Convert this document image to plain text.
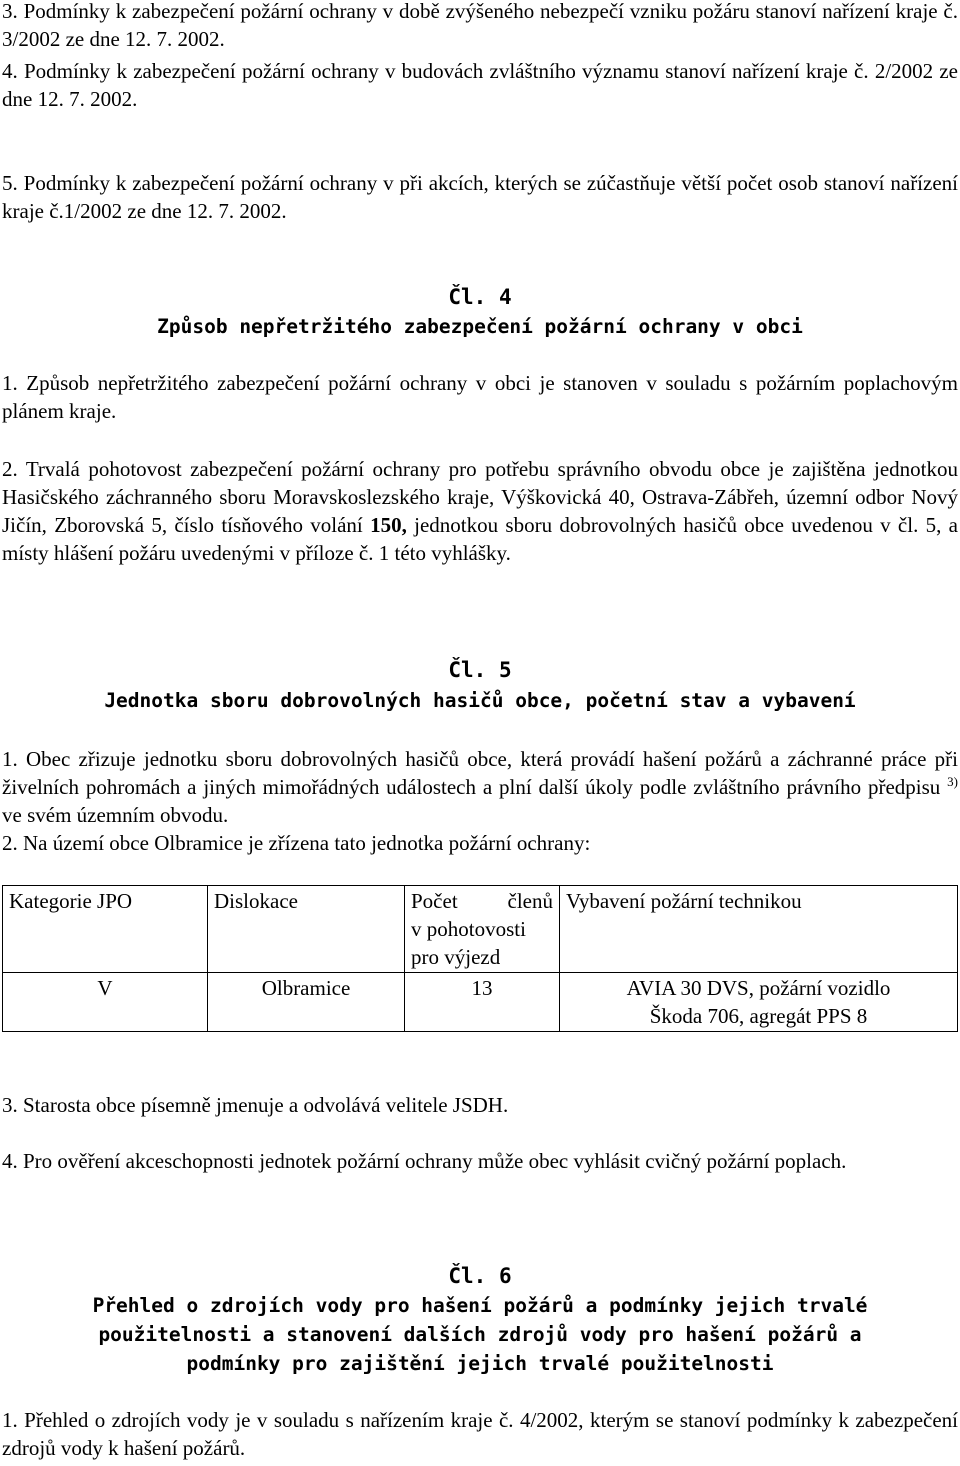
3. Podmínky k zabezpečení požární ochrany v době zvýšeného nebezpečí vzniku požáru stanoví nařízení kraje č. 3/2002 ze dne 12. 7. 2002.

4. Podmínky k zabezpečení požární ochrany v budovách zvláštního významu stanoví nařízení kraje č. 2/2002 ze dne 12. 7. 2002.

5. Podmínky k zabezpečení požární ochrany v při akcích, kterých se zúčastňuje větší počet osob stanoví nařízení kraje č.1/2002 ze dne 12. 7. 2002.

Čl. 4
Způsob nepřetržitého zabezpečení požární ochrany v obci

1. Způsob nepřetržitého zabezpečení požární ochrany v obci je stanoven v souladu s požárním poplachovým plánem kraje.

2. Trvalá pohotovost zabezpečení požární ochrany pro potřebu správního obvodu obce je zajištěna jednotkou Hasičského záchranného sboru Moravskoslezského kraje, Výškovická 40, Ostrava-Zábřeh, územní odbor Nový Jičín, Zborovská 5, číslo tísňového volání 150, jednotkou sboru dobrovolných hasičů obce uvedenou v čl. 5, a místy hlášení požáru uvedenými v příloze č. 1 této vyhlášky.

Čl. 5
Jednotka sboru dobrovolných hasičů obce, početní stav a vybavení

1. Obec zřizuje jednotku sboru dobrovolných hasičů obce, která provádí hašení požárů a záchranné práce při živelních pohromách a jiných mimořádných událostech a plní další úkoly podle zvláštního právního předpisu $^{3)}$ ve svém územním obvodu.

2. Na území obce Olbramice je zřízena tato jednotka požární ochrany:

Kategorie JPO	Dislokace	Počet členů
v pohotovosti
pro výjezd	Vybavení požární technikou
V	Olbramice	13	AVIA 30 DVS, požární vozidlo
Škoda 706, agregát PPS 8

3. Starosta obce písemně jmenuje a odvolává velitele JSDH.

4. Pro ověření akceschopnosti jednotek požární ochrany může obec vyhlásit cvičný požární poplach.

Čl. 6
Přehled o zdrojích vody pro hašení požárů a podmínky jejich trvalé
použitelnosti a stanovení dalších zdrojů vody pro hašení požárů a
podmínky pro zajištění jejich trvalé použitelnosti

1. Přehled o zdrojích vody je v souladu s nařízením kraje č. 4/2002, kterým se stanoví podmínky k zabezpečení zdrojů vody k hašení požárů.
